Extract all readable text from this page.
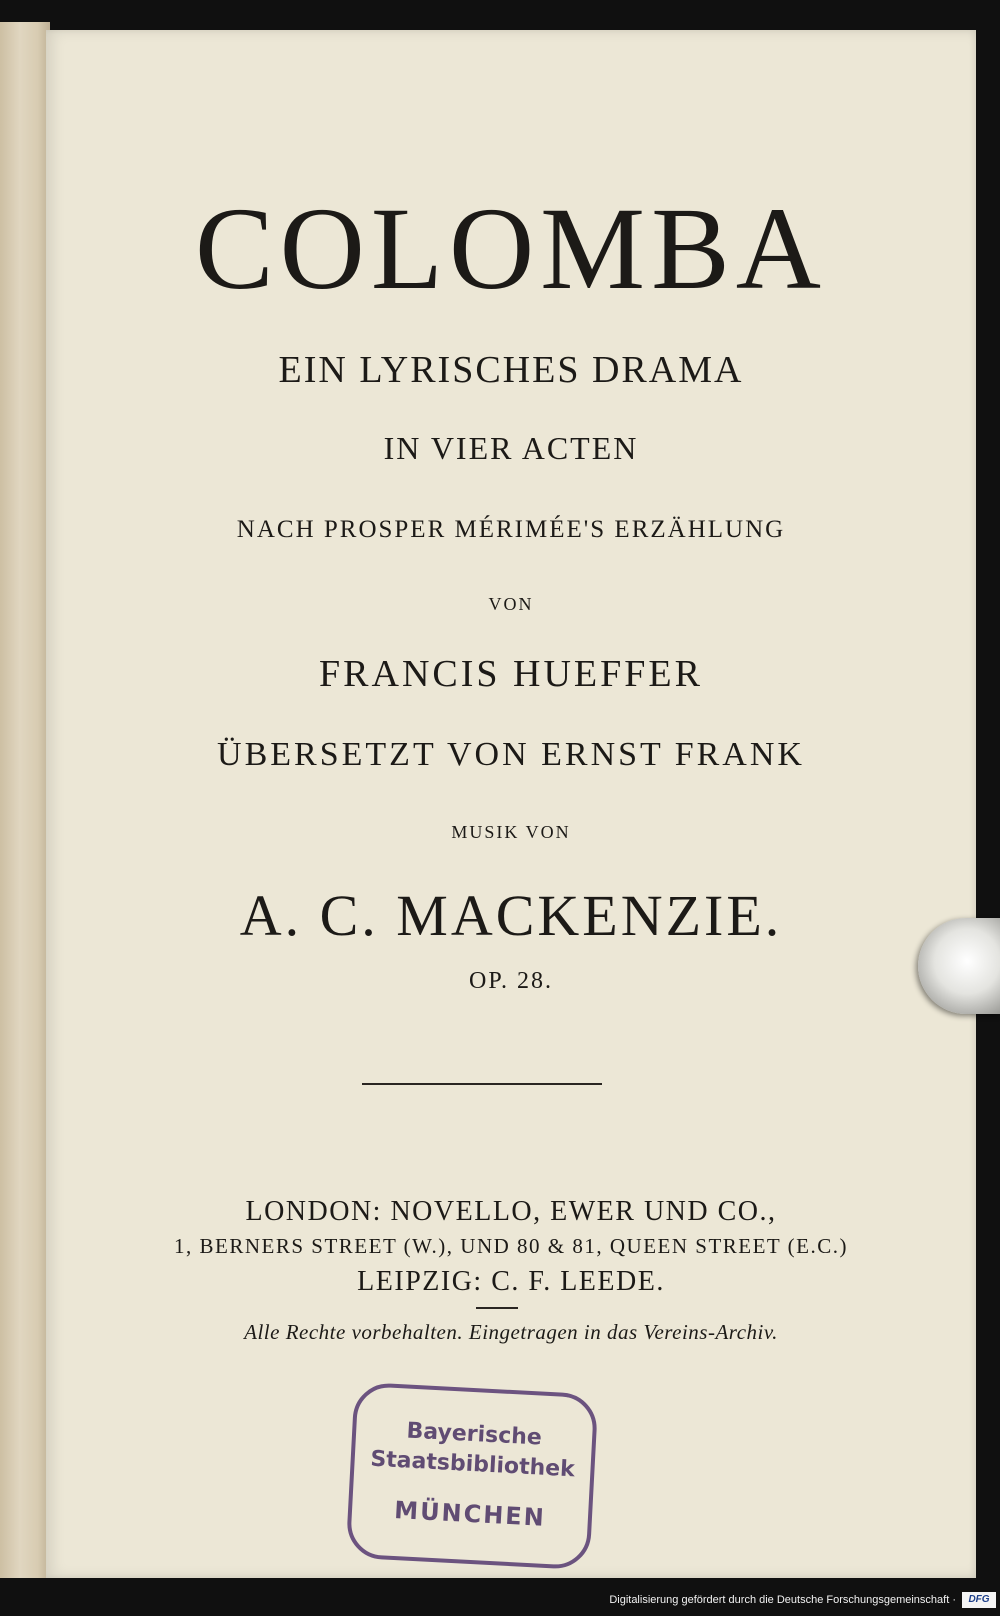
COLOMBA
EIN LYRISCHES DRAMA
IN VIER ACTEN
NACH PROSPER MÉRIMÉE'S ERZÄHLUNG
VON
FRANCIS HUEFFER
ÜBERSETZT VON ERNST FRANK
MUSIK VON
A. C. MACKENZIE.
OP. 28.
LONDON: NOVELLO, EWER UND CO.,
1, BERNERS STREET (W.), UND 80 & 81, QUEEN STREET (E.C.)
LEIPZIG: C. F. LEEDE.
Alle Rechte vorbehalten. Eingetragen in das Vereins-Archiv.
Bayerische
Staatsbibliothek
MÜNCHEN
Digitalisierung gefördert durch die Deutsche Forschungsgemeinschaft ·	DFG
